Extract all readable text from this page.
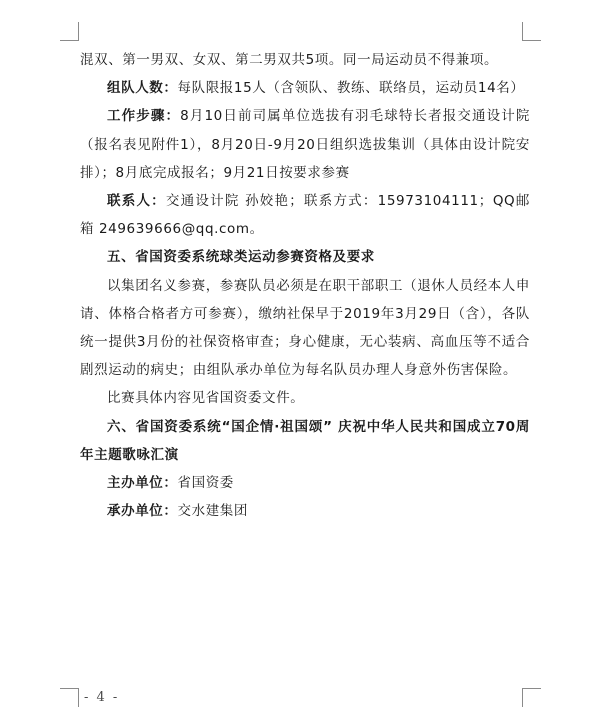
混双、第一男双、女双、第二男双共5项。同一局运动员不得兼项。

组队人数：每队限报15人（含领队、教练、联络员，运动员14名）

工作步骤：8月10日前司属单位选拔有羽毛球特长者报交通设计院（报名表见附件1），8月20日-9月20日组织选拔集训（具体由设计院安排）；8月底完成报名；9月21日按要求参赛

联系人：交通设计院 孙姣艳；联系方式：15973104111；QQ邮箱 249639666@qq.com。

五、省国资委系统球类运动参赛资格及要求

以集团名义参赛，参赛队员必须是在职干部职工（退休人员经本人申请、体格合格者方可参赛），缴纳社保早于2019年3月29日（含），各队统一提供3月份的社保资格审查；身心健康，无心装病、高血压等不适合剧烈运动的病史；由组队承办单位为每名队员办理人身意外伤害保险。

比赛具体内容见省国资委文件。

六、省国资委系统“国企情·祖国颂” 庆祝中华人民共和国成立70周年主题歌咏汇演

主办单位：省国资委

承办单位：交水建集团

- 4 -
